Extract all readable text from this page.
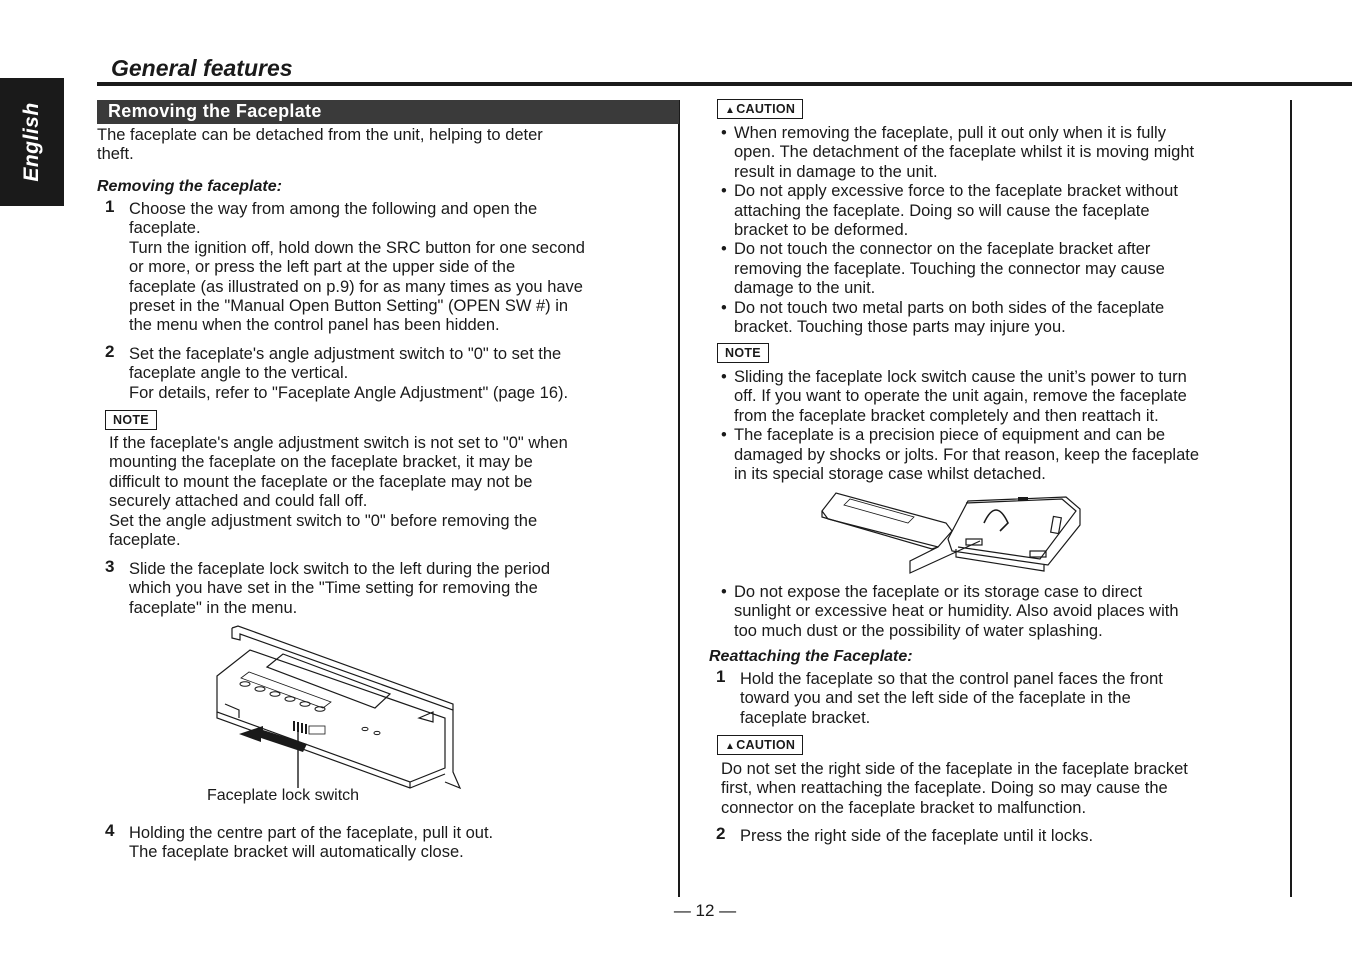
English
General features
Removing the Faceplate
The faceplate can be detached from the unit, helping to deter
theft.
Removing the faceplate:
1 Choose the way from among the following and open the
faceplate.
Turn the ignition off, hold down the SRC button for one second
or more, or press the left part at the upper side of the
faceplate (as illustrated on p.9) for as many times as you have
preset in the "Manual Open Button Setting" (OPEN SW #) in
the menu when the control panel has been hidden.
2 Set the faceplate's angle adjustment switch to "0" to set the
faceplate angle to the vertical.
For details, refer to "Faceplate Angle Adjustment" (page 16).
NOTE
If the faceplate's angle adjustment switch is not set to "0" when
mounting the faceplate on the faceplate bracket, it may be
difficult to mount the faceplate or the faceplate may not be
securely attached and could fall off.
Set the angle adjustment switch to "0" before removing the
faceplate.
3 Slide the faceplate lock switch to the left during the period
which you have set in the "Time setting for removing the
faceplate" in the menu.
Faceplate lock switch
4 Holding the centre part of the faceplate, pull it out.
The faceplate bracket will automatically close.
▲CAUTION
• When removing the faceplate, pull it out only when it is fully
open. The detachment of the faceplate whilst it is moving might
result in damage to the unit.
• Do not apply excessive force to the faceplate bracket without
attaching the faceplate. Doing so will cause the faceplate
bracket to be deformed.
• Do not touch the connector on the faceplate bracket after
removing the faceplate. Touching the connector may cause
damage to the unit.
• Do not touch two metal parts on both sides of the faceplate
bracket. Touching those parts may injure you.
NOTE
• Sliding the faceplate lock switch cause the unit’s power to turn
off. If you want to operate the unit again, remove the faceplate
from the faceplate bracket completely and then reattach it.
• The faceplate is a precision piece of equipment and can be
damaged by shocks or jolts. For that reason, keep the faceplate
in its special storage case whilst detached.
• Do not expose the faceplate or its storage case to direct
sunlight or excessive heat or humidity. Also avoid places with
too much dust or the possibility of water splashing.
Reattaching the Faceplate:
1 Hold the faceplate so that the control panel faces the front
toward you and set the left side of the faceplate in the
faceplate bracket.
▲CAUTION
Do not set the right side of the faceplate in the faceplate bracket
first, when reattaching the faceplate. Doing so may cause the
connector on the faceplate bracket to malfunction.
2 Press the right side of the faceplate until it locks.
— 12 —
